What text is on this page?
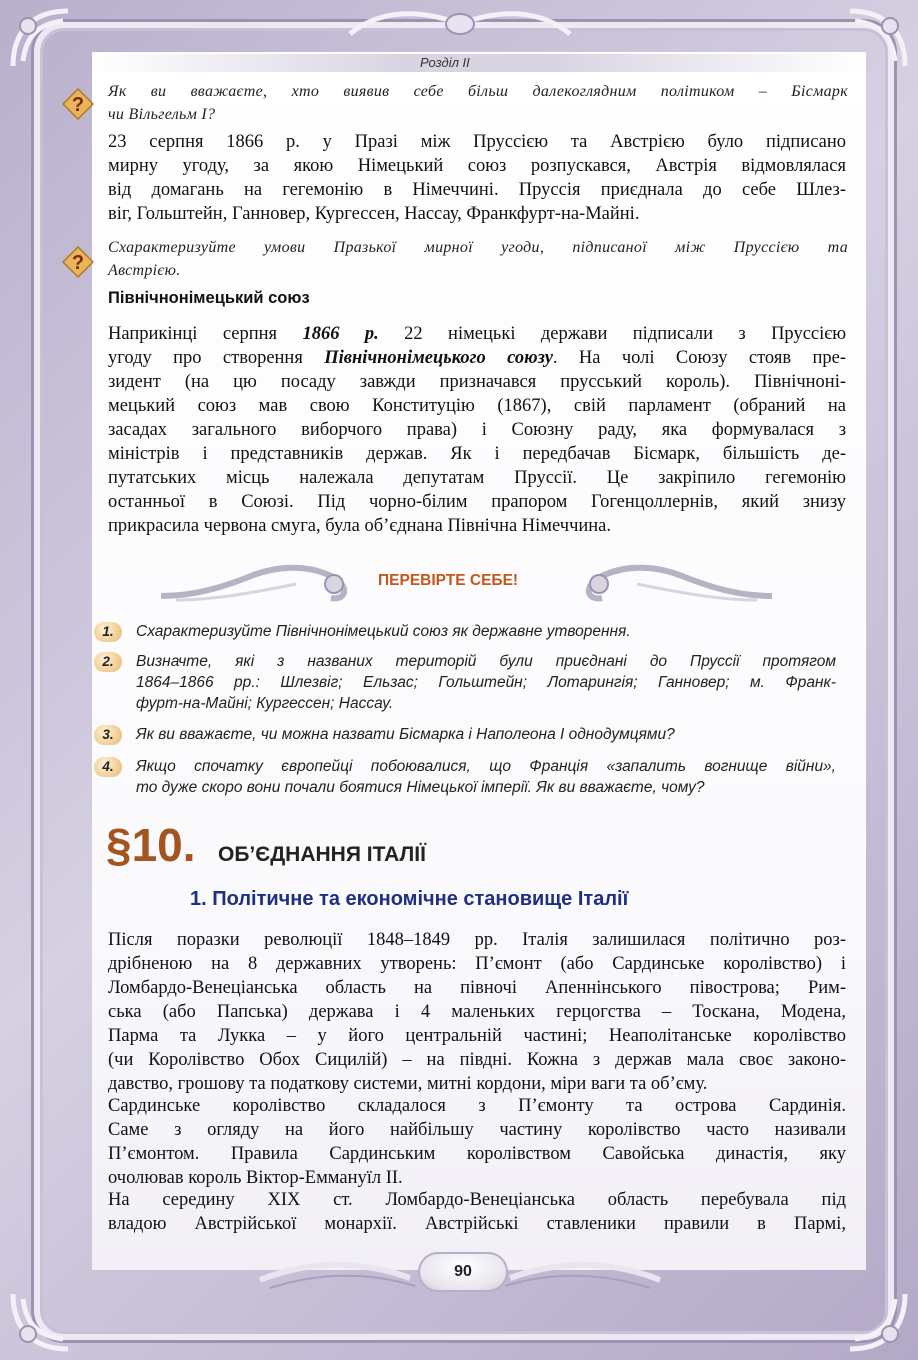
Розділ II
?

Як ви вважаєте, хто виявив себе більш далекоглядним політиком – Бісмарк
чи Вільгельм I?

23 серпня 1866 р. у Празі між Пруссією та Австрією було підписано
мирну угоду, за якою Німецький союз розпускався, Австрія відмовлялася
від домагань на гегемонію в Німеччині. Пруссія приєднала до себе Шлез-
віг, Гольштейн, Ганновер, Кургессен, Нассау, Франкфурт-на-Майні.

?

Схарактеризуйте умови Празької мирної угоди, підписаної між Пруссією та
Австрією.

Північнонімецький союз

Наприкінці серпня 1866 р. 22 німецькі держави підписали з Пруссією
угоду про створення Північнонімецького союзу. На чолі Союзу стояв пре-
зидент (на цю посаду завжди призначався прусський король). Північноні-
мецький союз мав свою Конституцію (1867), свій парламент (обраний на
засадах загального виборчого права) і Союзну раду, яка формувалася з
міністрів і представників держав. Як і передбачав Бісмарк, більшість де-
путатських місць належала депутатам Пруссії. Це закріпило гегемонію
останньої в Союзі. Під чорно-білим прапором Гогенцоллернів, який знизу
прикрасила червона смуга, була об’єднана Північна Німеччина.

ПЕРЕВІРТЕ СЕБЕ!
1.	Схарактеризуйте Північнонімецький союз як державне утворення.

2.	Визначте, які з названих територій були приєднані до Пруссії протягом
1864–1866 рр.: Шлезвіг; Ельзас; Гольштейн; Лотарингія; Ганновер; м. Франк-
фурт-на-Майні; Кургессен; Нассау.

3.	Як ви вважаєте, чи можна назвати Бісмарка і Наполеона I однодумцями?

4.	Якщо спочатку європейці побоювалися, що Франція «запалить вогнище війни»,
то дуже скоро вони почали боятися Німецької імперії. Як ви вважаєте, чому?

§10. ОБ’ЄДНАННЯ ІТАЛІЇ
1. Політичне та економічне становище Італії

Після поразки революції 1848–1849 рр. Італія залишилася політично роз-
дрібненою на 8 державних утворень: П’ємонт (або Сардинське королівство) і
Ломбардо-Венеціанська область на півночі Апеннінського півострова; Рим-
ська (або Папська) держава і 4 маленьких герцогства – Тоскана, Модена,
Парма та Лукка – у його центральній частині; Неаполітанське королівство
(чи Королівство Обох Сицилій) – на півдні. Кожна з держав мала своє законо-
давство, грошову та податкову системи, митні кордони, міри ваги та об’єму.

Сардинське королівство складалося з П’ємонту та острова Сардинія.
Саме з огляду на його найбільшу частину королівство часто називали
П’ємонтом. Правила Сардинським королівством Савойська династія, яку
очолював король Віктор-Еммануїл II.

На середину XIX ст. Ломбардо-Венеціанська область перебувала під
владою Австрійської монархії. Австрійські ставленики правили в Пармі,

90
